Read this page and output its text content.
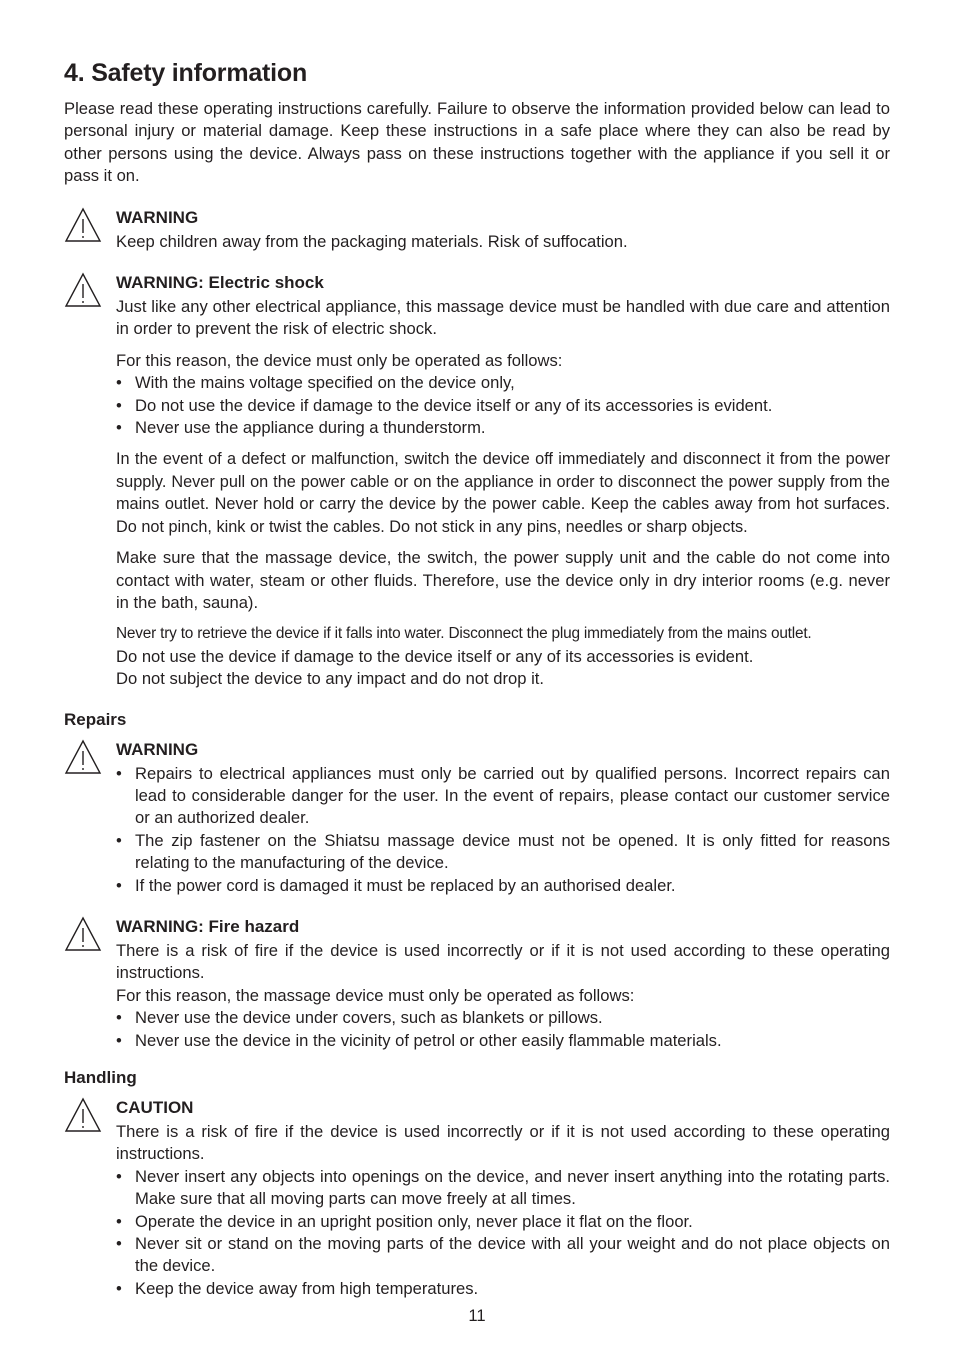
4. Safety information

Please read these operating instructions carefully. Failure to observe the information provided below can lead to personal injury or material damage. Keep these instructions in a safe place where they can also be read by other persons using the device. Always pass on these instructions together with the appliance if you sell it or pass it on.

WARNING

Keep children away from the packaging materials. Risk of suffocation.

WARNING: Electric shock

Just like any other electrical appliance, this massage device must be handled with due care and attention in order to prevent the risk of electric shock.

For this reason, the device must only be operated as follows:

• With the mains voltage specified on the device only,
• Do not use the device if damage to the device itself or any of its accessories is evident.
• Never use the appliance during a thunderstorm.

In the event of a defect or malfunction, switch the device off immediately and disconnect it from the power supply. Never pull on the power cable or on the appliance in order to disconnect the power supply from the mains outlet. Never hold or carry the device by the power cable. Keep the cables away from hot surfaces. Do not pinch, kink or twist the cables. Do not stick in any pins, needles or sharp objects.

Make sure that the massage device, the switch, the power supply unit and the cable do not come into contact with water, steam or other fluids. Therefore, use the device only in dry interior rooms (e.g. never in the bath, sauna).

Never try to retrieve the device if it falls into water. Disconnect the plug immediately from the mains outlet.

Do not use the device if damage to the device itself or any of its accessories is evident.

Do not subject the device to any impact and do not drop it.

Repairs
WARNING
• Repairs to electrical appliances must only be carried out by qualified persons. Incorrect repairs can lead to considerable danger for the user. In the event of repairs, please contact our customer service or an authorized dealer.
• The zip fastener on the Shiatsu massage device must not be opened. It is only fitted for reasons relating to the manufacturing of the device.
• If the power cord is damaged it must be replaced by an authorised dealer.
WARNING: Fire hazard

There is a risk of fire if the device is used incorrectly or if it is not used according to these operating instructions.

For this reason, the massage device must only be operated as follows:

• Never use the device under covers, such as blankets or pillows.
• Never use the device in the vicinity of petrol or other easily flammable materials.
Handling
CAUTION

There is a risk of fire if the device is used incorrectly or if it is not used according to these operating instructions.

• Never insert any objects into openings on the device, and never insert anything into the rotating parts. Make sure that all moving parts can move freely at all times.
• Operate the device in an upright position only, never place it flat on the floor.
• Never sit or stand on the moving parts of the device with all your weight and do not place objects on the device.
• Keep the device away from high temperatures.
11
